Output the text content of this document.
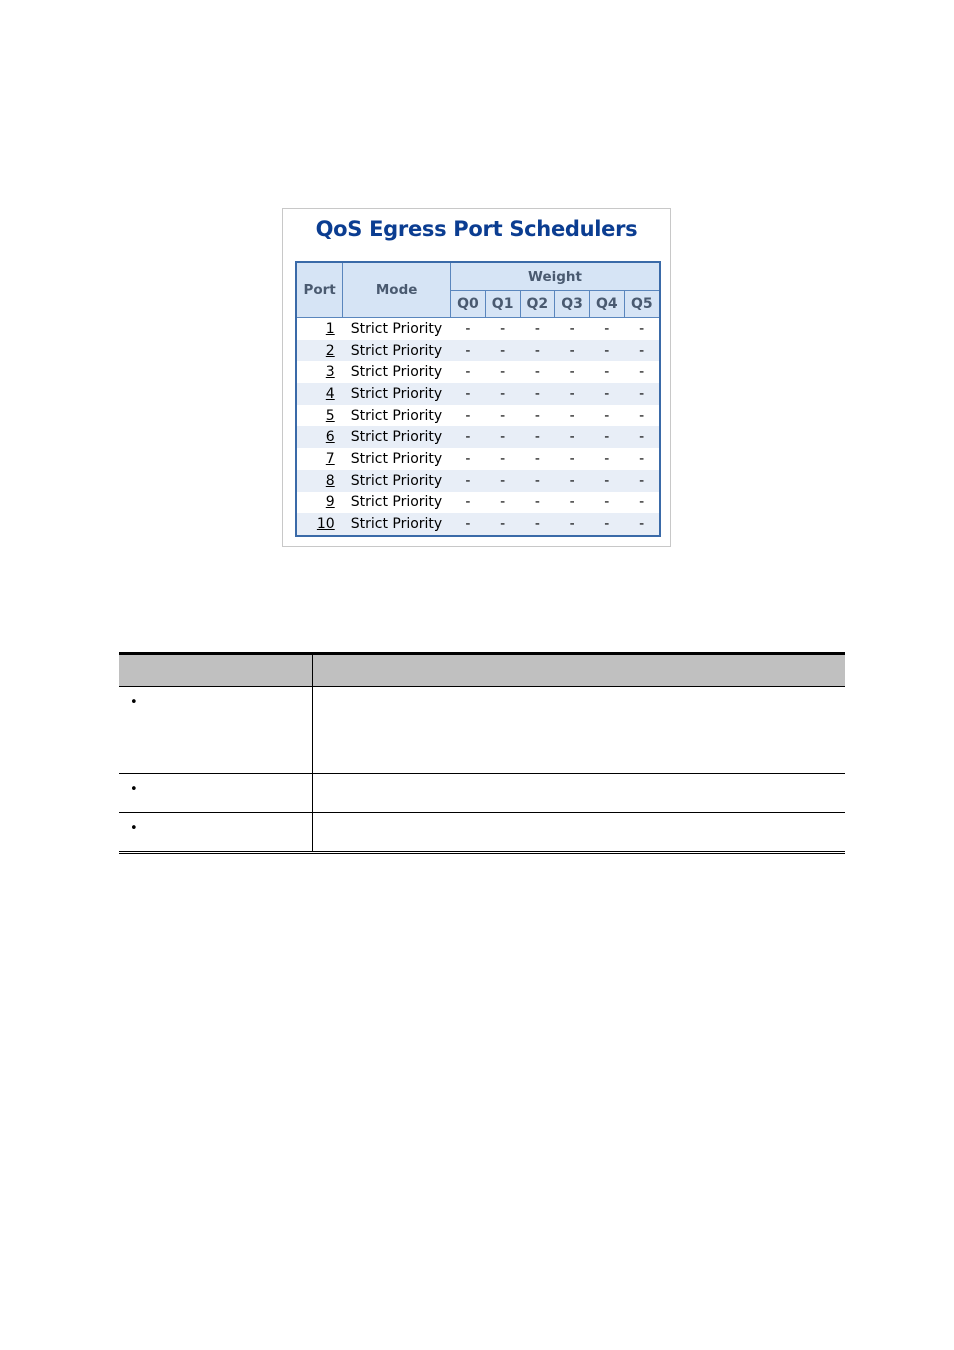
QoS Egress Port Schedulers
Port	Mode	Weight					
		Q0	Q1	Q2	Q3	Q4	Q5
1	Strict Priority	-	-	-	-	-	-
2	Strict Priority	-	-	-	-	-	-
3	Strict Priority	-	-	-	-	-	-
4	Strict Priority	-	-	-	-	-	-
5	Strict Priority	-	-	-	-	-	-
6	Strict Priority	-	-	-	-	-	-
7	Strict Priority	-	-	-	-	-	-
8	Strict Priority	-	-	-	-	-	-
9	Strict Priority	-	-	-	-	-	-
10	Strict Priority	-	-	-	-	-	-

•	

•	

•	
